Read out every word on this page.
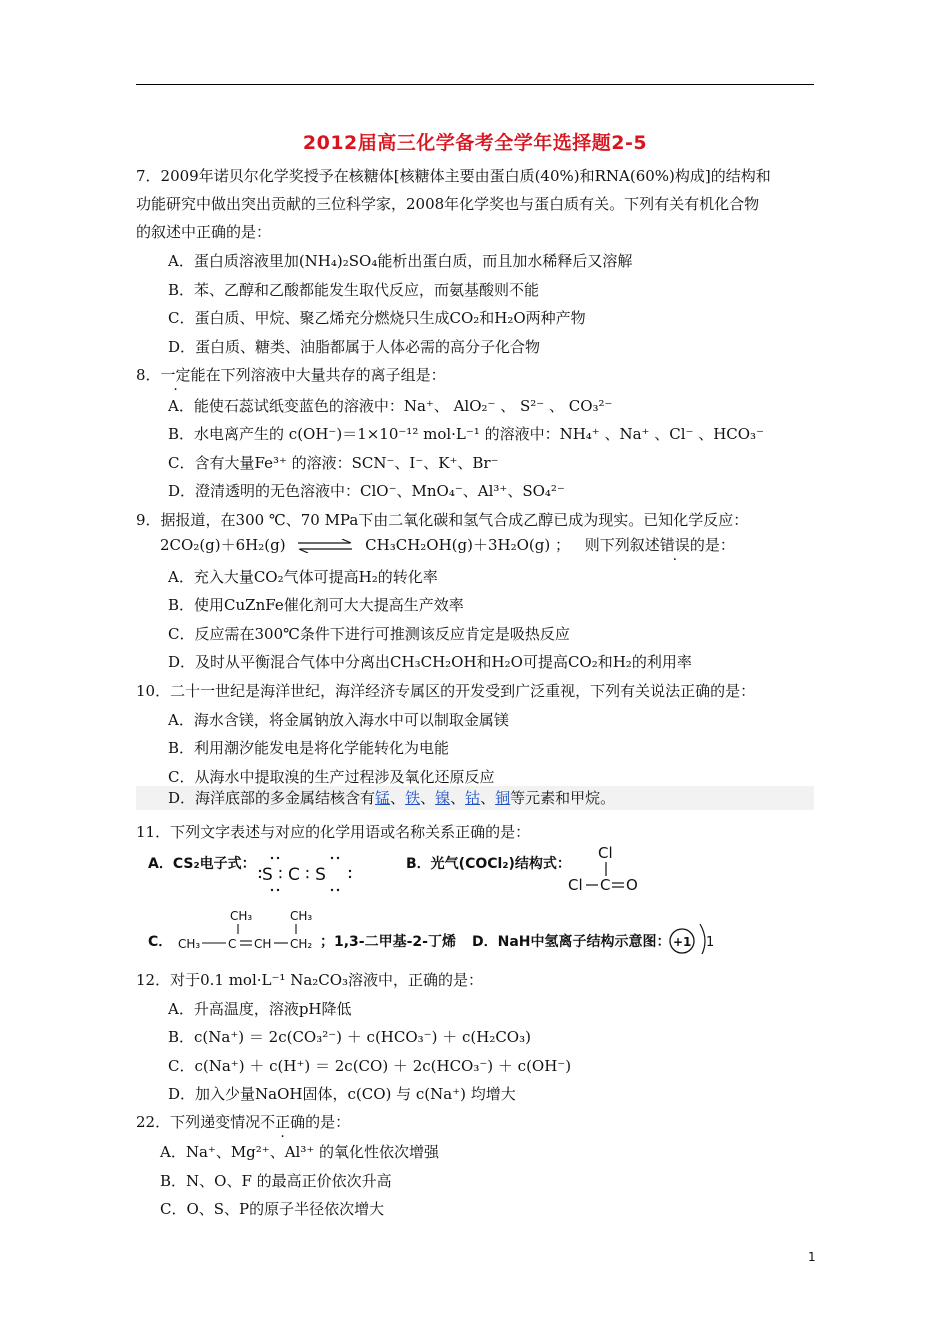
2012届高三化学备考全学年选择题2-5
7．2009年诺贝尔化学奖授予在核糖体[核糖体主要由蛋白质(40%)和RNA(60%)构成]的结构和
功能研究中做出突出贡献的三位科学家，2008年化学奖也与蛋白质有关。下列有关有机化合物
的叙述中正确的是：
A．蛋白质溶液里加(NH₄)₂SO₄能析出蛋白质，而且加水稀释后又溶解
B．苯、乙醇和乙酸都能发生取代反应，而氨基酸则不能
C．蛋白质、甲烷、聚乙烯充分燃烧只生成CO₂和H₂O两种产物
D．蛋白质、糖类、油脂都属于人体必需的高分子化合物
8．一定能在下列溶液中大量共存的离子组是：
A．能使石蕊试纸变蓝色的溶液中：Na⁺、 AlO₂⁻ 、 S²⁻ 、 CO₃²⁻
B．水电离产生的 c(OH⁻)＝1×10⁻¹² mol·L⁻¹ 的溶液中：NH₄⁺ 、Na⁺ 、Cl⁻ 、HCO₃⁻
C．含有大量Fe³⁺ 的溶液：SCN⁻、I⁻、K⁺、Br⁻
D．澄清透明的无色溶液中：ClO⁻、MnO₄⁻、Al³⁺、SO₄²⁻
9．据报道，在300 ℃、70 MPa下由二氧化碳和氢气合成乙醇已成为现实。已知化学反应：
2CO₂(g)＋6H₂(g) ⇌ CH₃CH₂OH(g)＋3H₂O(g) ； 则下列叙述错误的是：
A．充入大量CO₂气体可提高H₂的转化率
B．使用CuZnFe催化剂可大大提高生产效率
C．反应需在300℃条件下进行可推测该反应肯定是吸热反应
D．及时从平衡混合气体中分离出CH₃CH₂OH和H₂O可提高CO₂和H₂的利用率
10．二十一世纪是海洋世纪，海洋经济专属区的开发受到广泛重视，下列有关说法正确的是：
A．海水含镁，将金属钠放入海水中可以制取金属镁
B．利用潮汐能发电是将化学能转化为电能
C．从海水中提取溴的生产过程涉及氧化还原反应
D．海洋底部的多金属结核含有锰、铁、镍、钴、铜等元素和甲烷。
11．下列文字表述与对应的化学用语或名称关系正确的是：
A．CS₂电子式：
S ∶ C ∶ S
B．光气(COCl₂)结构式：
Cl
Cl C O
C．
CH₃
CH₃ C CH
CH₃
CH₂ ；1,3-二甲基-2-丁烯 D．NaH中氢离子结构示意图： +1 1
12．对于0.1 mol·L⁻¹ Na₂CO₃溶液中，正确的是：
A．升高温度，溶液pH降低
B．c(Na⁺) ＝ 2c(CO₃²⁻) ＋ c(HCO₃⁻) ＋ c(H₂CO₃)
C．c(Na⁺) ＋ c(H⁺) ＝ 2c(CO) ＋ 2c(HCO₃⁻) ＋ c(OH⁻)
D．加入少量NaOH固体，c(CO) 与 c(Na⁺) 均增大
22．下列递变情况不正确的是：
A．Na⁺、Mg²⁺、Al³⁺ 的氧化性依次增强
B．N、O、F 的最高正价依次升高
C．O、S、P的原子半径依次增大
1
